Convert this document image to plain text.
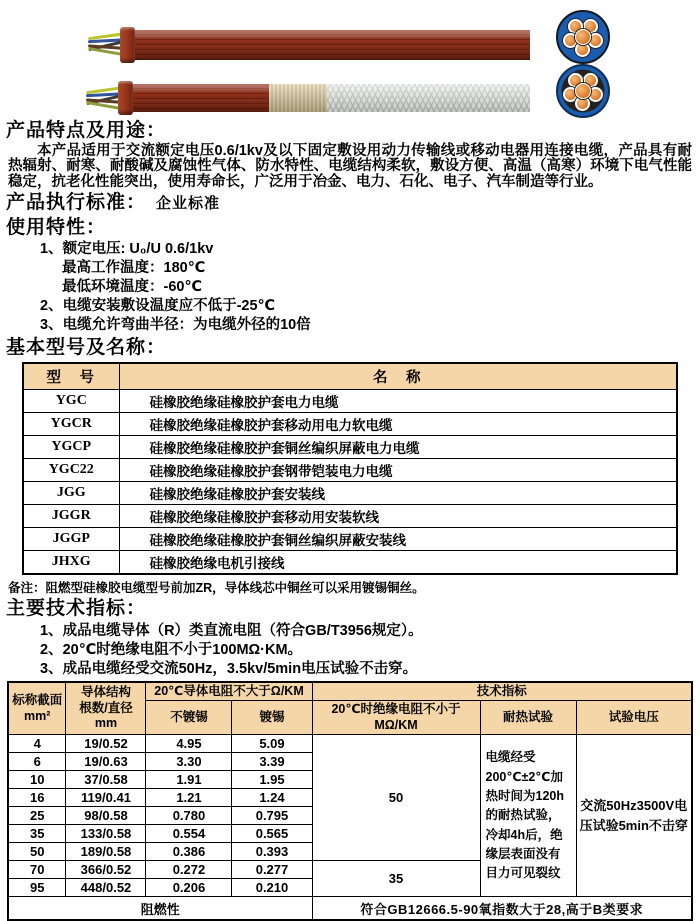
产品特点及用途：

本产品适用于交流额定电压0.6/1kv及以下固定敷设用动力传输线或移动电器用连接电缆，产品具有耐热辐射、耐寒、耐酸碱及腐蚀性气体、防水特性、电缆结构柔软，敷设方便、高温（高寒）环境下电气性能稳定，抗老化性能突出，使用寿命长，广泛用于冶金、电力、石化、电子、汽车制造等行业。

产品执行标准： 企业标准
使用特性：

1、额定电压: U₀/U 0.6/1kv

最高工作温度：180℃

最低环境温度：-60℃

2、电缆安装敷设温度应不低于-25℃

3、电缆允许弯曲半径：为电缆外径的10倍

基本型号及名称：
型　号	名　称
YGC	硅橡胶绝缘硅橡胶护套电力电缆
YGCR	硅橡胶绝缘硅橡胶护套移动用电力软电缆
YGCP	硅橡胶绝缘硅橡胶护套铜丝编织屏蔽电力电缆
YGC22	硅橡胶绝缘硅橡胶护套钢带铠装电力电缆
JGG	硅橡胶绝缘硅橡胶护套安装线
JGGR	硅橡胶绝缘硅橡胶护套移动用安装软线
JGGP	硅橡胶绝缘硅橡胶护套铜丝编织屏蔽安装线
JHXG	硅橡胶绝缘电机引接线

备注：阻燃型硅橡胶电缆型号前加ZR，导体线芯中铜丝可以采用镀锡铜丝。

主要技术指标：

1、成品电缆导体（R）类直流电阻（符合GB/T3956规定）。

2、20℃时绝缘电阻不小于100MΩ·KM。

3、成品电缆经受交流50Hz，3.5kv/5min电压试验不击穿。

标称截面
mm²	导体结构
根数/直径
mm	20℃导体电阻不大于Ω/KM		技术指标		
		不镀锡	镀锡	20℃时绝缘电阻不小于MΩ/KM	耐热试验	试验电压
4	19/0.52	4.95	5.09	50	电缆经受200℃±2℃加热时间为120h的耐热试验，冷却4h后，绝缘层表面没有目力可见裂纹	交流50Hz3500V电压试验5min不击穿
6	19/0.63	3.30	3.39			
10	37/0.58	1.91	1.95			
16	119/0.41	1.21	1.24			
25	98/0.58	0.780	0.795			
35	133/0.58	0.554	0.565			
50	189/0.58	0.386	0.393			
70	366/0.52	0.272	0.277	35		
95	448/0.52	0.206	0.210			
阻燃性				符合GB12666.5-90氧指数大于28,高于B类要求		
